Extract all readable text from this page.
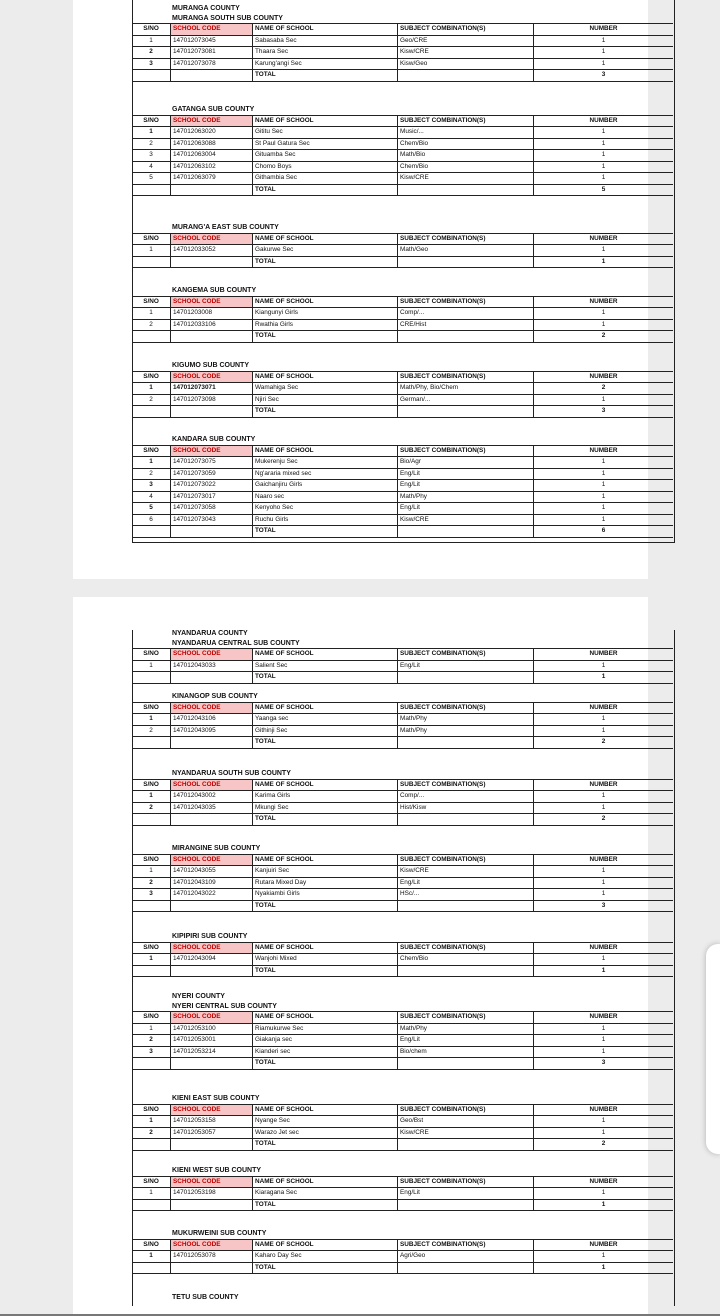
MURANGA COUNTY
MURANGA SOUTH SUB COUNTY
S/NO	SCHOOL CODE	NAME OF SCHOOL	SUBJECT COMBINATION(S)	NUMBER
1	147012073045	Sabasaba Sec	Geo/CRE	1
2	147012073081	Thaara Sec	Kisw/CRE	1
3	147012073078	Karung'angi Sec	Kisw/Geo	1
TOTAL	3
GATANGA SUB COUNTY
S/NO	SCHOOL CODE	NAME OF SCHOOL	SUBJECT COMBINATION(S)	NUMBER
1	147012063020	Gititu Sec	Music/...	1
2	147012063088	St Paul Gatura Sec	Chem/Bio	1
3	147012063004	Gituamba Sec	Math/Bio	1
4	147012063102	Chomo Boys	Chem/Bio	1
5	147012063079	Githambia Sec	Kisw/CRE	1
TOTAL	5
MURANG'A EAST SUB COUNTY
S/NO	SCHOOL CODE	NAME OF SCHOOL	SUBJECT COMBINATION(S)	NUMBER
1	147012033052	Gakurwe Sec	Math/Geo	1
TOTAL	1
KANGEMA SUB COUNTY
S/NO	SCHOOL CODE	NAME OF SCHOOL	SUBJECT COMBINATION(S)	NUMBER
1	14701203008	Kiangunyi Girls	Comp/...	1
2	147012033106	Rwathia Girls	CRE/Hist	1
TOTAL	2
KIGUMO SUB COUNTY
S/NO	SCHOOL CODE	NAME OF SCHOOL	SUBJECT COMBINATION(S)	NUMBER
1	147012073071	Wamahiga Sec	Math/Phy, Bio/Chem	2
2	147012073098	Njiri Sec	German/...	1
TOTAL	3
KANDARA SUB COUNTY
S/NO	SCHOOL CODE	NAME OF SCHOOL	SUBJECT COMBINATION(S)	NUMBER
1	147012073075	Mukerenju Sec	Bio/Agr	1
2	147012073059	Ng'araria mixed sec	Eng/Lit	1
3	147012073022	Gaichanjiru Girls	Eng/Lit	1
4	147012073017	Naaro sec	Math/Phy	1
5	147012073058	Kenyoho Sec	Eng/Lit	1
6	147012073043	Ruchu Girls	Kisw/CRE	1
TOTAL	6
TETU SUB COUNTY
NYANDARUA COUNTY
NYANDARUA CENTRAL SUB COUNTY
S/NO	SCHOOL CODE	NAME OF SCHOOL	SUBJECT COMBINATION(S)	NUMBER
1	147012043033	Salient Sec	Eng/Lit	1
TOTAL	1
KINANGOP SUB COUNTY
S/NO	SCHOOL CODE	NAME OF SCHOOL	SUBJECT COMBINATION(S)	NUMBER
1	147012043106	Yaanga sec	Math/Phy	1
2	147012043095	Githinji Sec	Math/Phy	1
TOTAL	2
NYANDARUA SOUTH SUB COUNTY
S/NO	SCHOOL CODE	NAME OF SCHOOL	SUBJECT COMBINATION(S)	NUMBER
1	147012043002	Karima Girls	Comp/...	1
2	147012043035	Mkungi Sec	Hist/Kisw	1
TOTAL	2
MIRANGINE SUB COUNTY
S/NO	SCHOOL CODE	NAME OF SCHOOL	SUBJECT COMBINATION(S)	NUMBER
1	147012043055	Kanjuiri Sec	Kisw/CRE	1
2	147012043109	Rutara Mixed Day	Eng/Lit	1
3	147012043022	Nyakiambi Girls	HSc/...	1
TOTAL	3
KIPIPIRI SUB COUNTY
S/NO	SCHOOL CODE	NAME OF SCHOOL	SUBJECT COMBINATION(S)	NUMBER
1	147012043094	Wanjohi Mixed	Chem/Bio	1
TOTAL	1
NYERI COUNTY
NYERI CENTRAL SUB COUNTY
S/NO	SCHOOL CODE	NAME OF SCHOOL	SUBJECT COMBINATION(S)	NUMBER
1	147012053100	Riamukurwe Sec	Math/Phy	1
2	147012053001	Giakanja sec	Eng/Lit	1
3	147012053214	Kianderi sec	Bio/chem	1
TOTAL	3
KIENI EAST SUB COUNTY
S/NO	SCHOOL CODE	NAME OF SCHOOL	SUBJECT COMBINATION(S)	NUMBER
1	147012053158	Nyange Sec	Geo/Bst	1
2	147012053057	Warazo Jet sec	Kisw/CRE	1
TOTAL	2
KIENI WEST SUB COUNTY
S/NO	SCHOOL CODE	NAME OF SCHOOL	SUBJECT COMBINATION(S)	NUMBER
1	147012053198	Kiaragana Sec	Eng/Lit	1
TOTAL	1
MUKURWEINI SUB COUNTY
S/NO	SCHOOL CODE	NAME OF SCHOOL	SUBJECT COMBINATION(S)	NUMBER
1	147012053078	Kaharo Day Sec	Agri/Geo	1
TOTAL	1
